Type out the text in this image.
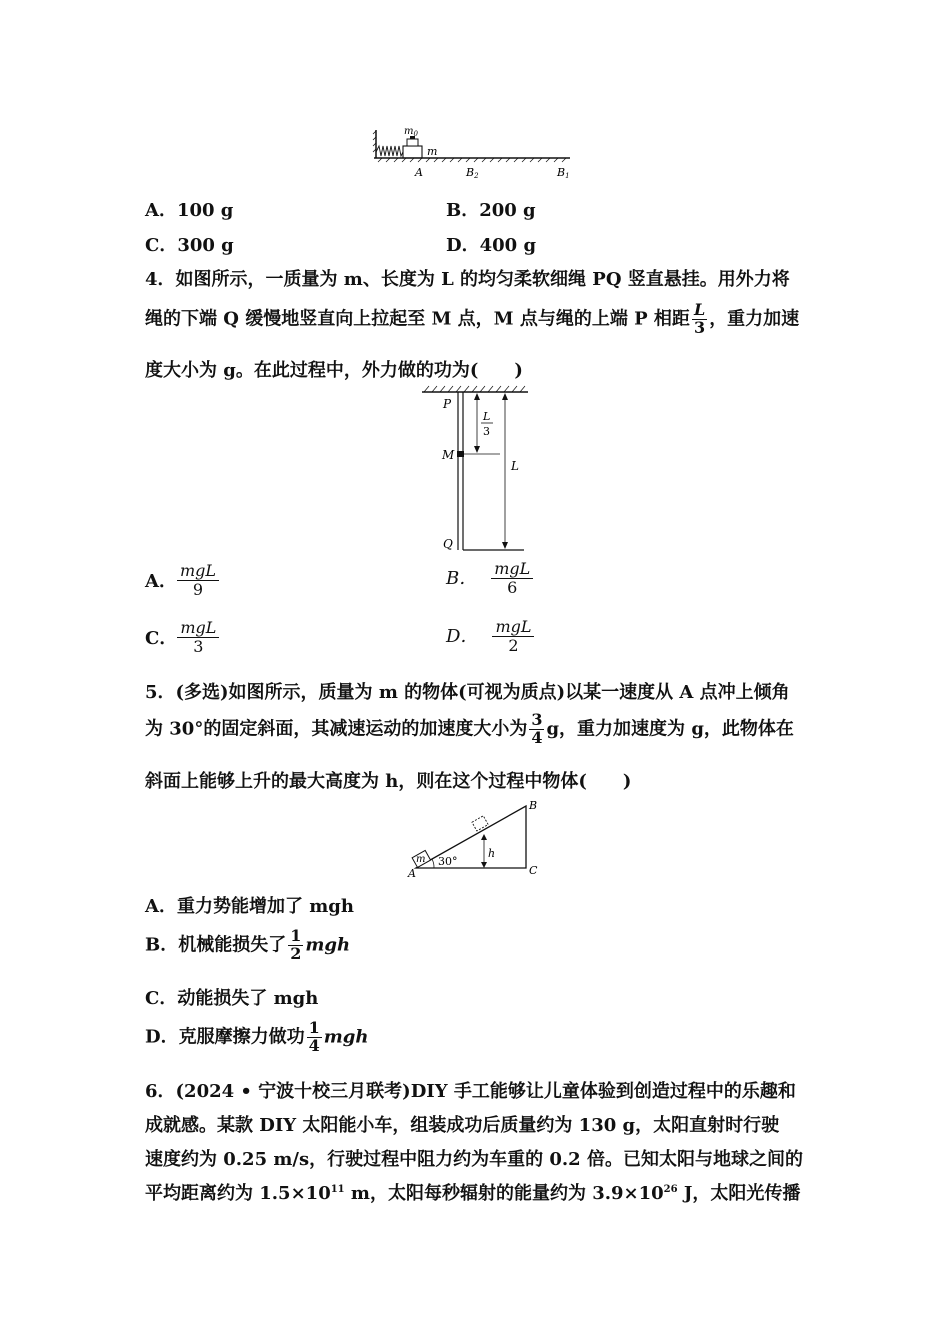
$m_0$
m
A	B2	B1
A．100 g	B．200 g
C．300 g	D．400 g
4．如图所示，一质量为 m、长度为 L 的均匀柔软细绳 PQ 竖直悬挂。用外力将
绳的下端 Q 缓慢地竖直向上拉起至 M 点，M 点与绳的上端 P 相距 $\frac{L}{3}$ ，重力加速
度大小为 g。在此过程中，外力做的功为(　　)
P
M
Q
L
3
L
A． $\frac{\text{mgL}}{9}$	B． $\frac{\text{mgL}}{6}$
C． $\frac{\text{mgL}}{3}$	D． $\frac{\text{mgL}}{2}$
5．(多选)如图所示，质量为 m 的物体(可视为质点)以某一速度从 A 点冲上倾角
为 30°的固定斜面，其减速运动的加速度大小为 $\frac{3}{4}$ g，重力加速度为 g，此物体在
斜面上能够上升的最大高度为 h，则在这个过程中物体(　　)
m 30°
h
A
B
C
A．重力势能增加了 mgh
B．机械能损失了 $\frac{1}{2}$ mgh
C．动能损失了 mgh
D．克服摩擦力做功 $\frac{1}{4}$ mgh
6．(2024 • 宁波十校三月联考)DIY 手工能够让儿童体验到创造过程中的乐趣和
成就感。某款 DIY 太阳能小车，组装成功后质量约为 130 g，太阳直射时行驶
速度约为 0.25 m/s，行驶过程中阻力约为车重的 0.2 倍。已知太阳与地球之间的
平均距离约为 $1.5\times 10^{11}$ m，太阳每秒辐射的能量约为 $3.9\times 10^{26}$ J，太阳光传播
